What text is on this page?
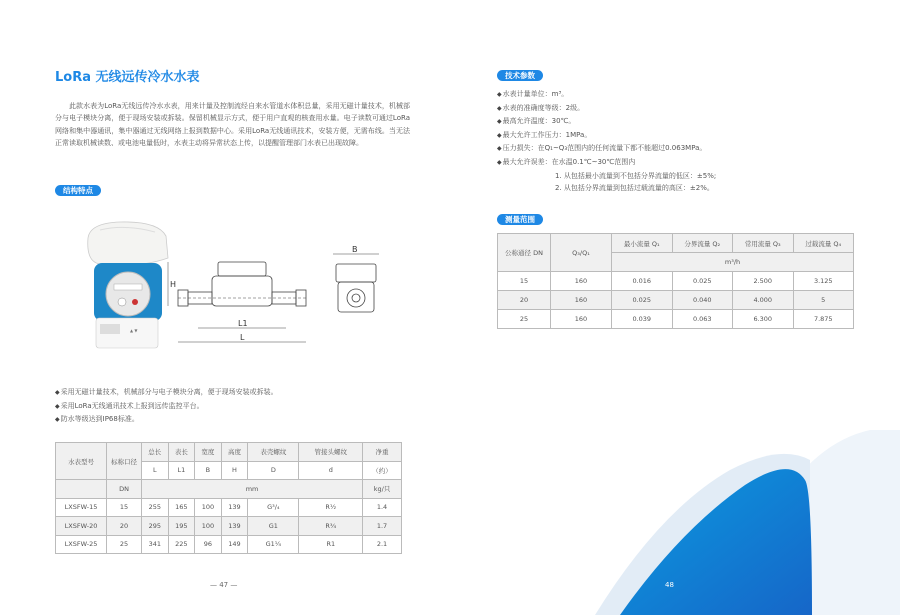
LoRa 无线远传冷水水表
此款水表为LoRa无线远传冷水水表，用来计量及控制流经自来水管道水体积总量，采用无磁计量技术，机械部分与电子模块分离，便于现场安装或拆装。保留机械显示方式，便于用户直观的核查用水量。电子读数可通过LoRa网络和集中器通讯，集中器通过无线网络上报到数据中心。采用LoRa无线通讯技术，安装方便，无需布线。当无法正常读取机械读数、或电池电量低时，水表主动将异常状态上传，以提醒管理部门水表已出现故障。
结构特点
▲ ▼
H
L1
L
B
◆ 采用无磁计量技术，机械部分与电子模块分离，便于现场安装或拆装。
◆ 采用LoRa无线通讯技术上报到远传监控平台。
◆ 防水等级达到IP68标准。
水表型号	标称口径	总长	表长	宽度	高度	表壳螺纹	管接头螺纹	净重
		L	L1	B	H	D	d	（约）
	DN	mm						kg/只
LXSFW-15	15	255	165	100	139	G³/₄	R½	1.4
LXSFW-20	20	295	195	100	139	G1	R¾	1.7
LXSFW-25	25	341	225	96	149	G1¼	R1	2.1
— 47 —
技术参数
◆ 水表计量单位：m³。
◆ 水表的准确度等级：2级。
◆ 最高允许温度：30℃。
◆ 最大允许工作压力：1MPa。
◆ 压力损失：在Q₁~Q₃范围内的任何流量下都不能超过0.063MPa。
◆ 最大允许误差：在水温0.1℃~30℃范围内
1. 从包括最小流量到不包括分界流量的低区：±5%;
2. 从包括分界流量到包括过载流量的高区：±2%。
测量范围
公称通径 DN	Q₃/Q₁	最小流量 Q₁	分界流量 Q₂	常用流量 Q₃	过载流量 Q₄
		m³/h			
15	160	0.016	0.025	2.500	3.125
20	160	0.025	0.040	4.000	5
25	160	0.039	0.063	6.300	7.875
48
